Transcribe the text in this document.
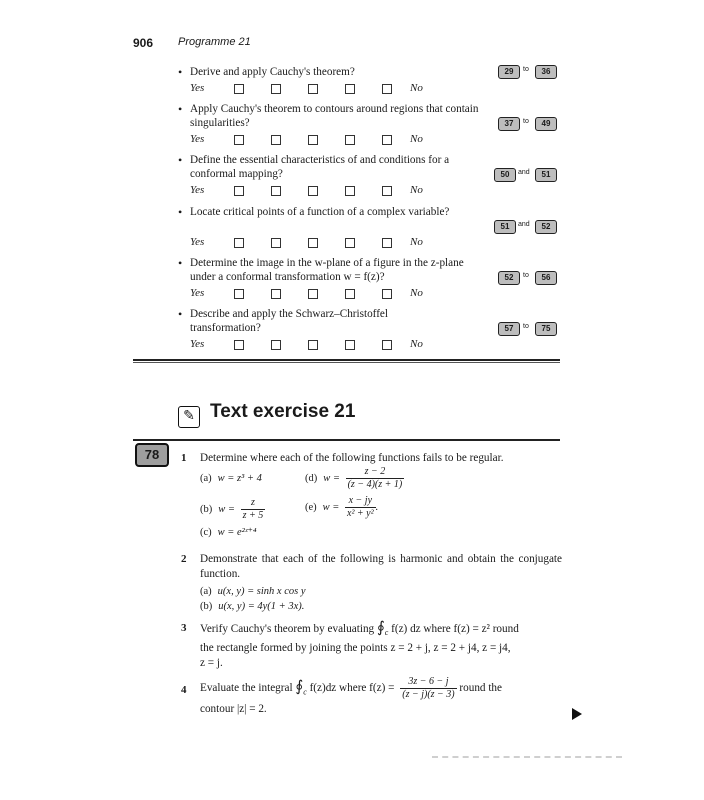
906 Programme 21
• Derive and apply Cauchy's theorem?
Yes	No
29	to	36
• Apply Cauchy's theorem to contours around regions that contain singularities?
Yes	No
37	to	49
• Define the essential characteristics of and conditions for a conformal mapping?
Yes	No
50	and	51
• Locate critical points of a function of a complex variable?
Yes	No
51	and	52
• Determine the image in the w-plane of a figure in the z-plane under a conformal transformation w = f(z)?
Yes	No
52	to	56
• Describe and apply the Schwarz–Christoffel transformation?
Yes	No
57	to	75
✎ Text exercise 21
78	1 Determine where each of the following functions fails to be regular.
(a) w = z³ + 4	(d) $w = \frac{z - 2}{(z - 4)(z + 1)}$
(b) $w = \frac{z}{z + 5}$	(e) $w = \frac{x - jy}{\text{x² + y²}}$ .
(c) w = e²ᶻ⁺⁴
2 Demonstrate that each of the following is harmonic and obtain the conjugate function.
(a) u(x, y) = sinh x cos y
(b) u(x, y) = 4y(1 + 3x).
3 Verify Cauchy's theorem by evaluating $∮_c$ f(z) dz where f(z) = z² round
the rectangle formed by joining the points z = 2 + j, z = 2 + j4, z = j4,
z = j.
4 Evaluate the integral $∮_c$ f(z)dz where $f(z) = \frac{3z - 6 - j}{(z - j)(z - 3)}$ round the
contour |z| = 2.
